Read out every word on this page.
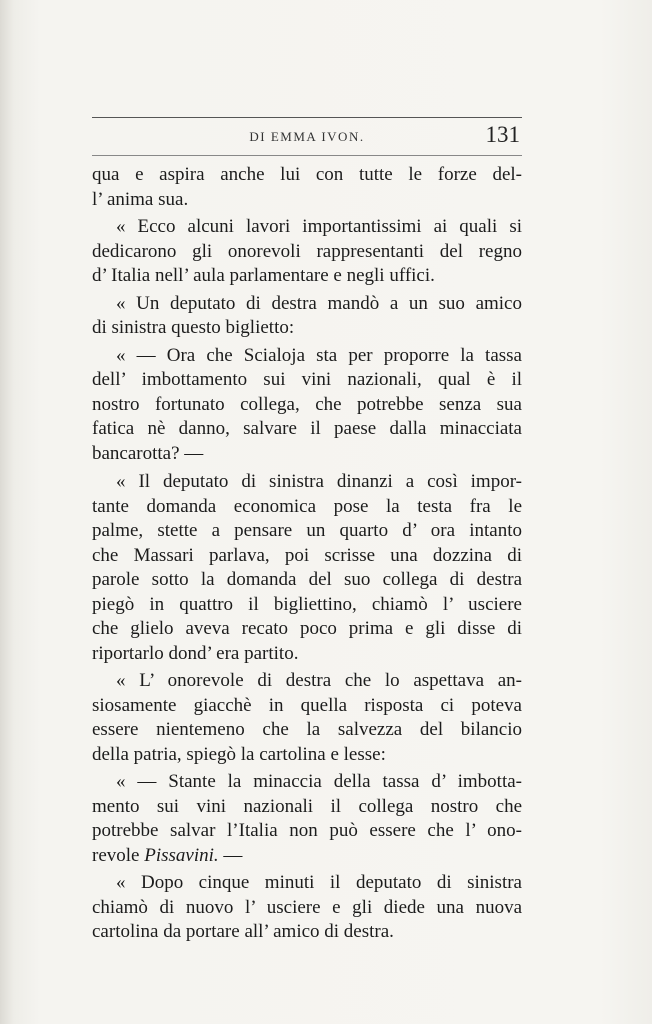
DI EMMA IVON.	131
qua e aspira anche lui con tutte le forze del-
l’ anima sua.
« Ecco alcuni lavori importantissimi ai quali si
dedicarono gli onorevoli rappresentanti del regno
d’ Italia nell’ aula parlamentare e negli uffici.
« Un deputato di destra mandò a un suo amico
di sinistra questo biglietto:
« — Ora che Scialoja sta per proporre la tassa
dell’ imbottamento sui vini nazionali, qual è il
nostro fortunato collega, che potrebbe senza sua
fatica nè danno, salvare il paese dalla minacciata
bancarotta? —
« Il deputato di sinistra dinanzi a così impor-
tante domanda economica pose la testa fra le
palme, stette a pensare un quarto d’ ora intanto
che Massari parlava, poi scrisse una dozzina di
parole sotto la domanda del suo collega di destra
piegò in quattro il bigliettino, chiamò l’ usciere
che glielo aveva recato poco prima e gli disse di
riportarlo dond’ era partito.
« L’ onorevole di destra che lo aspettava an-
siosamente giacchè in quella risposta ci poteva
essere nientemeno che la salvezza del bilancio
della patria, spiegò la cartolina e lesse:
« — Stante la minaccia della tassa d’ imbotta-
mento sui vini nazionali il collega nostro che
potrebbe salvar l’Italia non può essere che l’ ono-
revole Pissavini. —
« Dopo cinque minuti il deputato di sinistra
chiamò di nuovo l’ usciere e gli diede una nuova
cartolina da portare all’ amico di destra.
